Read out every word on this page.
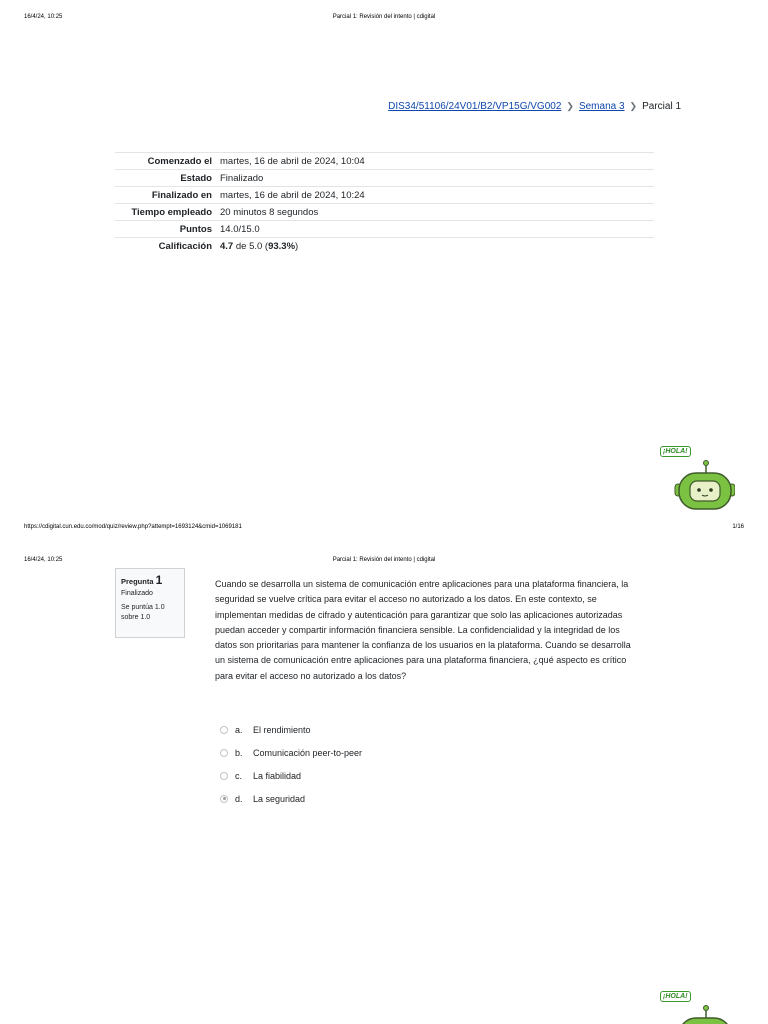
16/4/24, 10:25	Parcial 1: Revisión del intento | cdigital
DIS34/51106/24V01/B2/VP15G/VG002 ❯ Semana 3 ❯ Parcial 1
Comenzado el	martes, 16 de abril de 2024, 10:04
Estado	Finalizado
Finalizado en	martes, 16 de abril de 2024, 10:24
Tiempo empleado	20 minutos 8 segundos
Puntos	14.0/15.0
Calificación	4.7 de 5.0 (93.3%)
¡HOLA!
https://cdigital.cun.edu.co/mod/quiz/review.php?attempt=1693124&cmid=1069181	1/16
16/4/24, 10:25	Parcial 1: Revisión del intento | cdigital
Pregunta 1
Finalizado
Se puntúa 1.0 sobre 1.0
Cuando se desarrolla un sistema de comunicación entre aplicaciones para una plataforma financiera, la seguridad se vuelve crítica para evitar el acceso no autorizado a los datos. En este contexto, se implementan medidas de cifrado y autenticación para garantizar que solo las aplicaciones autorizadas puedan acceder y compartir información financiera sensible. La confidencialidad y la integridad de los datos son prioritarias para mantener la confianza de los usuarios en la plataforma. Cuando se desarrolla un sistema de comunicación entre aplicaciones para una plataforma financiera, ¿qué aspecto es crítico para evitar el acceso no autorizado a los datos?
a.	El rendimiento
b.	Comunicación peer-to-peer
c.	La fiabilidad
d.	La seguridad
¡HOLA!
